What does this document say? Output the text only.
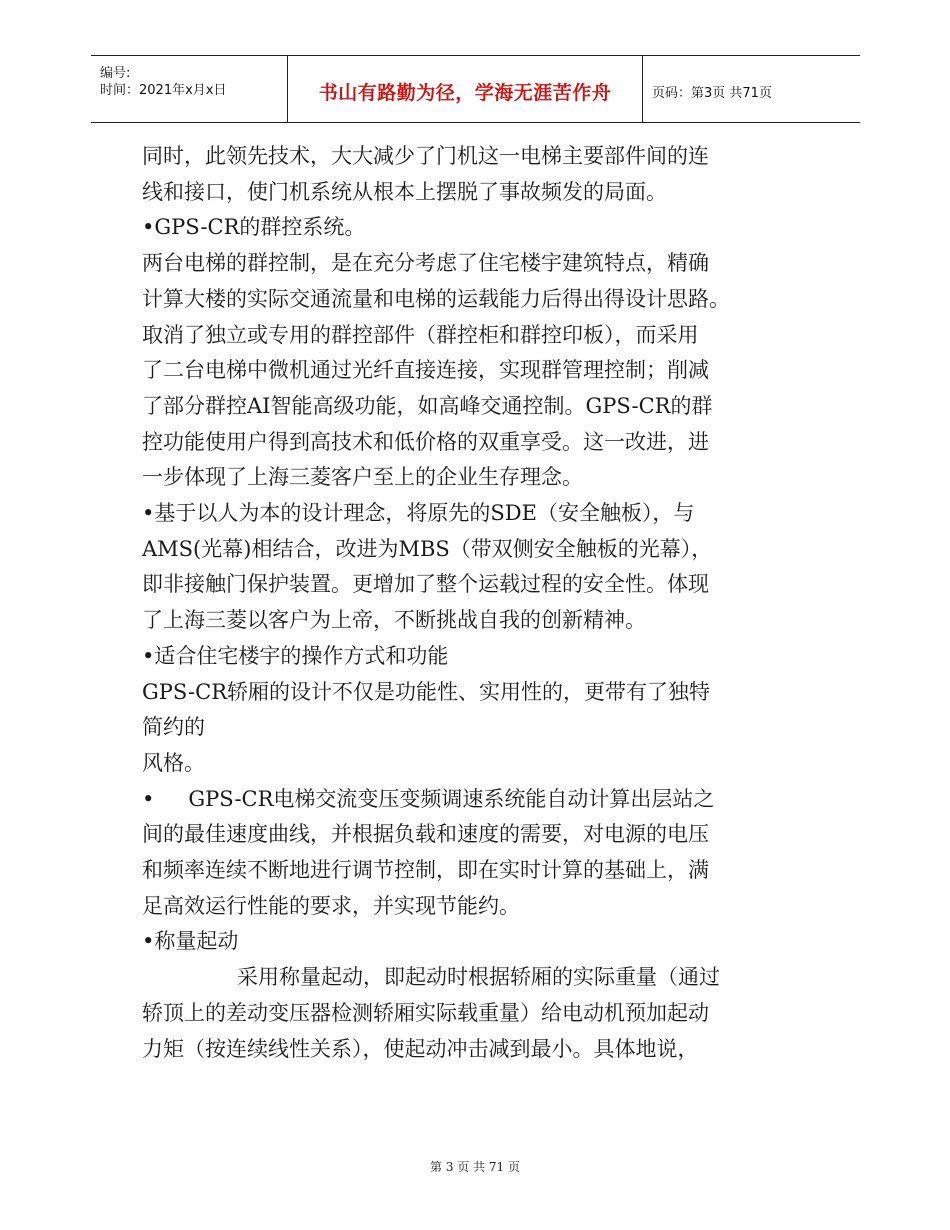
编号:
时间：2021年x月x日	书山有路勤为径，学海无涯苦作舟	页码：第3页 共71页

同时，此领先技术，大大减少了门机这一电梯主要部件间的连

线和接口，使门机系统从根本上摆脱了事故频发的局面。

•GPS-CR的群控系统。

两台电梯的群控制，是在充分考虑了住宅楼宇建筑特点，精确

计算大楼的实际交通流量和电梯的运载能力后得出得设计思路。

取消了独立或专用的群控部件（群控柜和群控印板），而采用

了二台电梯中微机通过光纤直接连接，实现群管理控制；削减

了部分群控AI智能高级功能，如高峰交通控制。GPS-CR的群

控功能使用户得到高技术和低价格的双重享受。这一改进，进

一步体现了上海三菱客户至上的企业生存理念。

•基于以人为本的设计理念，将原先的SDE（安全触板），与

AMS(光幕)相结合，改进为MBS（带双侧安全触板的光幕），

即非接触门保护装置。更增加了整个运载过程的安全性。体现

了上海三菱以客户为上帝，不断挑战自我的创新精神。

•适合住宅楼宇的操作方式和功能

GPS-CR轿厢的设计不仅是功能性、实用性的，更带有了独特

简约的

风格。

• GPS-CR电梯交流变压变频调速系统能自动计算出层站之

间的最佳速度曲线，并根据负载和速度的需要，对电源的电压

和频率连续不断地进行调节控制，即在实时计算的基础上，满

足高效运行性能的要求，并实现节能约。

•称量起动

采用称量起动，即起动时根据轿厢的实际重量（通过

轿顶上的差动变压器检测轿厢实际载重量）给电动机预加起动

力矩（按连续线性关系），使起动冲击减到最小。具体地说，

第 3 页 共 71 页
